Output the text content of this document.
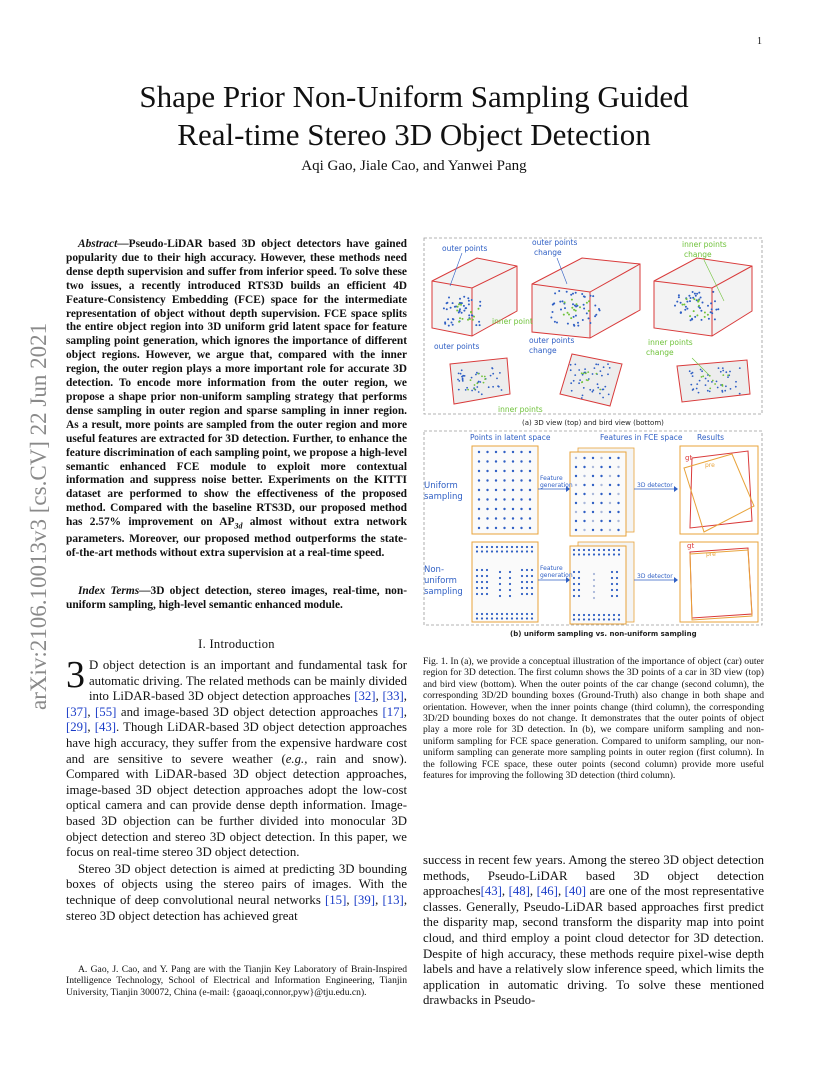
1
arXiv:2106.10013v3 [cs.CV] 22 Jun 2021
Shape Prior Non-Uniform Sampling Guided
Real-time Stereo 3D Object Detection
Aqi Gao, Jiale Cao, and Yanwei Pang
Abstract—Pseudo-LiDAR based 3D object detectors have gained popularity due to their high accuracy. However, these methods need dense depth supervision and suffer from inferior speed. To solve these two issues, a recently introduced RTS3D builds an efficient 4D Feature-Consistency Embedding (FCE) space for the intermediate representation of object without depth supervision. FCE space splits the entire object region into 3D uniform grid latent space for feature sampling point generation, which ignores the importance of different object regions. However, we argue that, compared with the inner region, the outer region plays a more important role for accurate 3D detection. To encode more information from the outer region, we propose a shape prior non-uniform sampling strategy that performs dense sampling in outer region and sparse sampling in inner region. As a result, more points are sampled from the outer region and more useful features are extracted for 3D detection. Further, to enhance the feature discrimination of each sampling point, we propose a high-level semantic enhanced FCE module to exploit more contextual information and suppress noise better. Experiments on the KITTI dataset are performed to show the effectiveness of the proposed method. Compared with the baseline RTS3D, our proposed method has 2.57% improvement on $AP_{3d}$ almost without extra network parameters. Moreover, our proposed method outperforms the state-of-the-art methods without extra supervision at a real-time speed.
Index Terms—3D object detection, stereo images, real-time, non-uniform sampling, high-level semantic enhanced module.
I. Introduction
3 D object detection is an important and fundamental task for automatic driving. The related methods can be mainly divided into LiDAR-based 3D object detection approaches [32], [33], [37], [55] and image-based 3D object detection approaches [17], [29], [43]. Though LiDAR-based 3D object detection approaches have high accuracy, they suffer from the expensive hardware cost and are sensitive to severe weather (e.g., rain and snow). Compared with LiDAR-based 3D object detection approaches, image-based 3D object detection approaches adopt the low-cost optical camera and can provide dense depth information. Image-based 3D objection can be further divided into monocular 3D object detection and stereo 3D object detection. In this paper, we focus on real-time stereo 3D object detection.
Stereo 3D object detection is aimed at predicting 3D bounding boxes of objects using the stereo pairs of images. With the technique of deep convolutional neural networks [15], [39], [13], stereo 3D object detection has achieved great
A. Gao, J. Cao, and Y. Pang are with the Tianjin Key Laboratory of Brain-Inspired Intelligence Technology, School of Electrical and Information Engineering, Tianjin University, Tianjin 300072, China (e-mail: {gaoaqi,connor,pyw}@tju.edu.cn).
outer points
outer points
change
inner points
change
inner point
outer points
outer points
change
inner points
change
inner points
(a) 3D view (top) and bird view (bottom)
Points in latent space	Features in FCE space Results
Uniform
sampling
Non-
uniform
sampling
Feature
generation	3D detector
Feature
generation	3D detector
gt
pre
gt
pre
(b) uniform sampling vs. non-uniform sampling
Fig. 1. In (a), we provide a conceptual illustration of the importance of object (car) outer region for 3D detection. The first column shows the 3D points of a car in 3D view (top) and bird view (bottom). When the outer points of the car change (second column), the corresponding 3D/2D bounding boxes (Ground-Truth) also change in both shape and orientation. However, when the inner points change (third column), the corresponding 3D/2D bounding boxes do not change. It demonstrates that the outer points of object play a more role for 3D detection. In (b), we compare uniform sampling and non-uniform sampling for FCE space generation. Compared to uniform sampling, our non-uniform sampling can generate more sampling points in outer region (first column). In the following FCE space, these outer points (second column) provide more useful features for improving the following 3D detection (third column).
success in recent few years. Among the stereo 3D object detection methods, Pseudo-LiDAR based 3D object detection approaches[43], [48], [46], [40] are one of the most representative classes. Generally, Pseudo-LiDAR based approaches first predict the disparity map, second transform the disparity map into point cloud, and third employ a point cloud detector for 3D detection. Despite of high accuracy, these methods require pixel-wise depth labels and have a relatively slow inference speed, which limits the application in automatic driving. To solve these mentioned drawbacks in Pseudo-
